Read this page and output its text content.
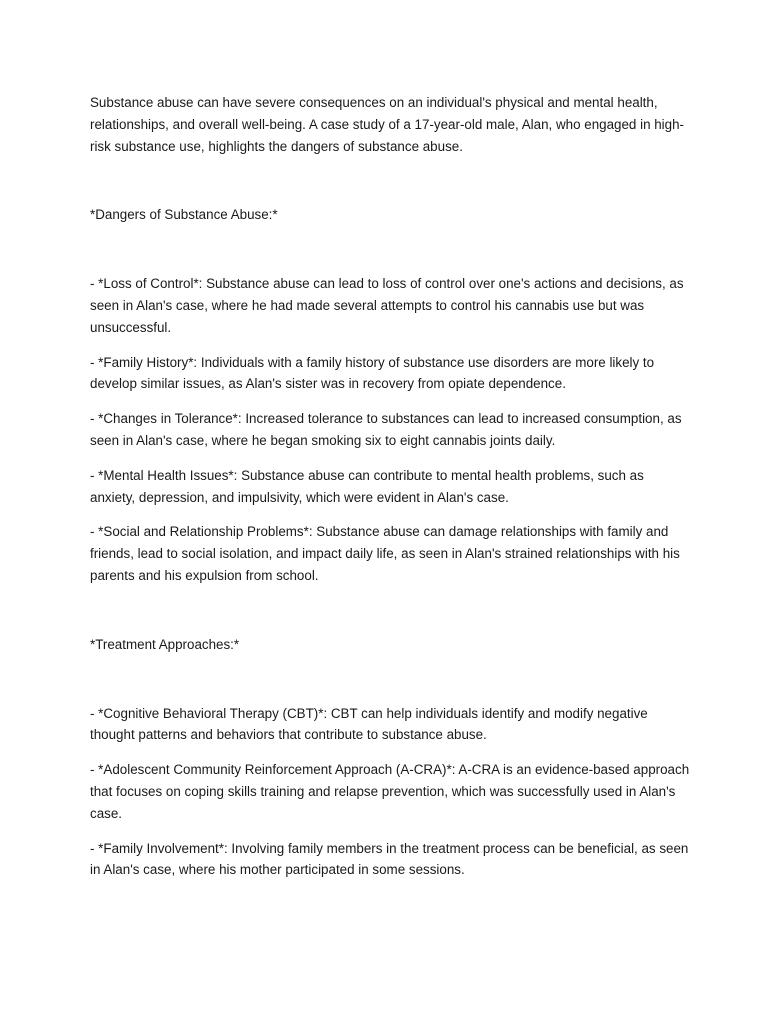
Substance abuse can have severe consequences on an individual's physical and mental health, relationships, and overall well-being. A case study of a 17-year-old male, Alan, who engaged in high-risk substance use, highlights the dangers of substance abuse.

*Dangers of Substance Abuse:*

- *Loss of Control*: Substance abuse can lead to loss of control over one's actions and decisions, as seen in Alan's case, where he had made several attempts to control his cannabis use but was unsuccessful.

- *Family History*: Individuals with a family history of substance use disorders are more likely to develop similar issues, as Alan's sister was in recovery from opiate dependence.

- *Changes in Tolerance*: Increased tolerance to substances can lead to increased consumption, as seen in Alan's case, where he began smoking six to eight cannabis joints daily.

- *Mental Health Issues*: Substance abuse can contribute to mental health problems, such as anxiety, depression, and impulsivity, which were evident in Alan's case.

- *Social and Relationship Problems*: Substance abuse can damage relationships with family and friends, lead to social isolation, and impact daily life, as seen in Alan's strained relationships with his parents and his expulsion from school.

*Treatment Approaches:*

- *Cognitive Behavioral Therapy (CBT)*: CBT can help individuals identify and modify negative thought patterns and behaviors that contribute to substance abuse.

- *Adolescent Community Reinforcement Approach (A-CRA)*: A-CRA is an evidence-based approach that focuses on coping skills training and relapse prevention, which was successfully used in Alan's case.

- *Family Involvement*: Involving family members in the treatment process can be beneficial, as seen in Alan's case, where his mother participated in some sessions.
